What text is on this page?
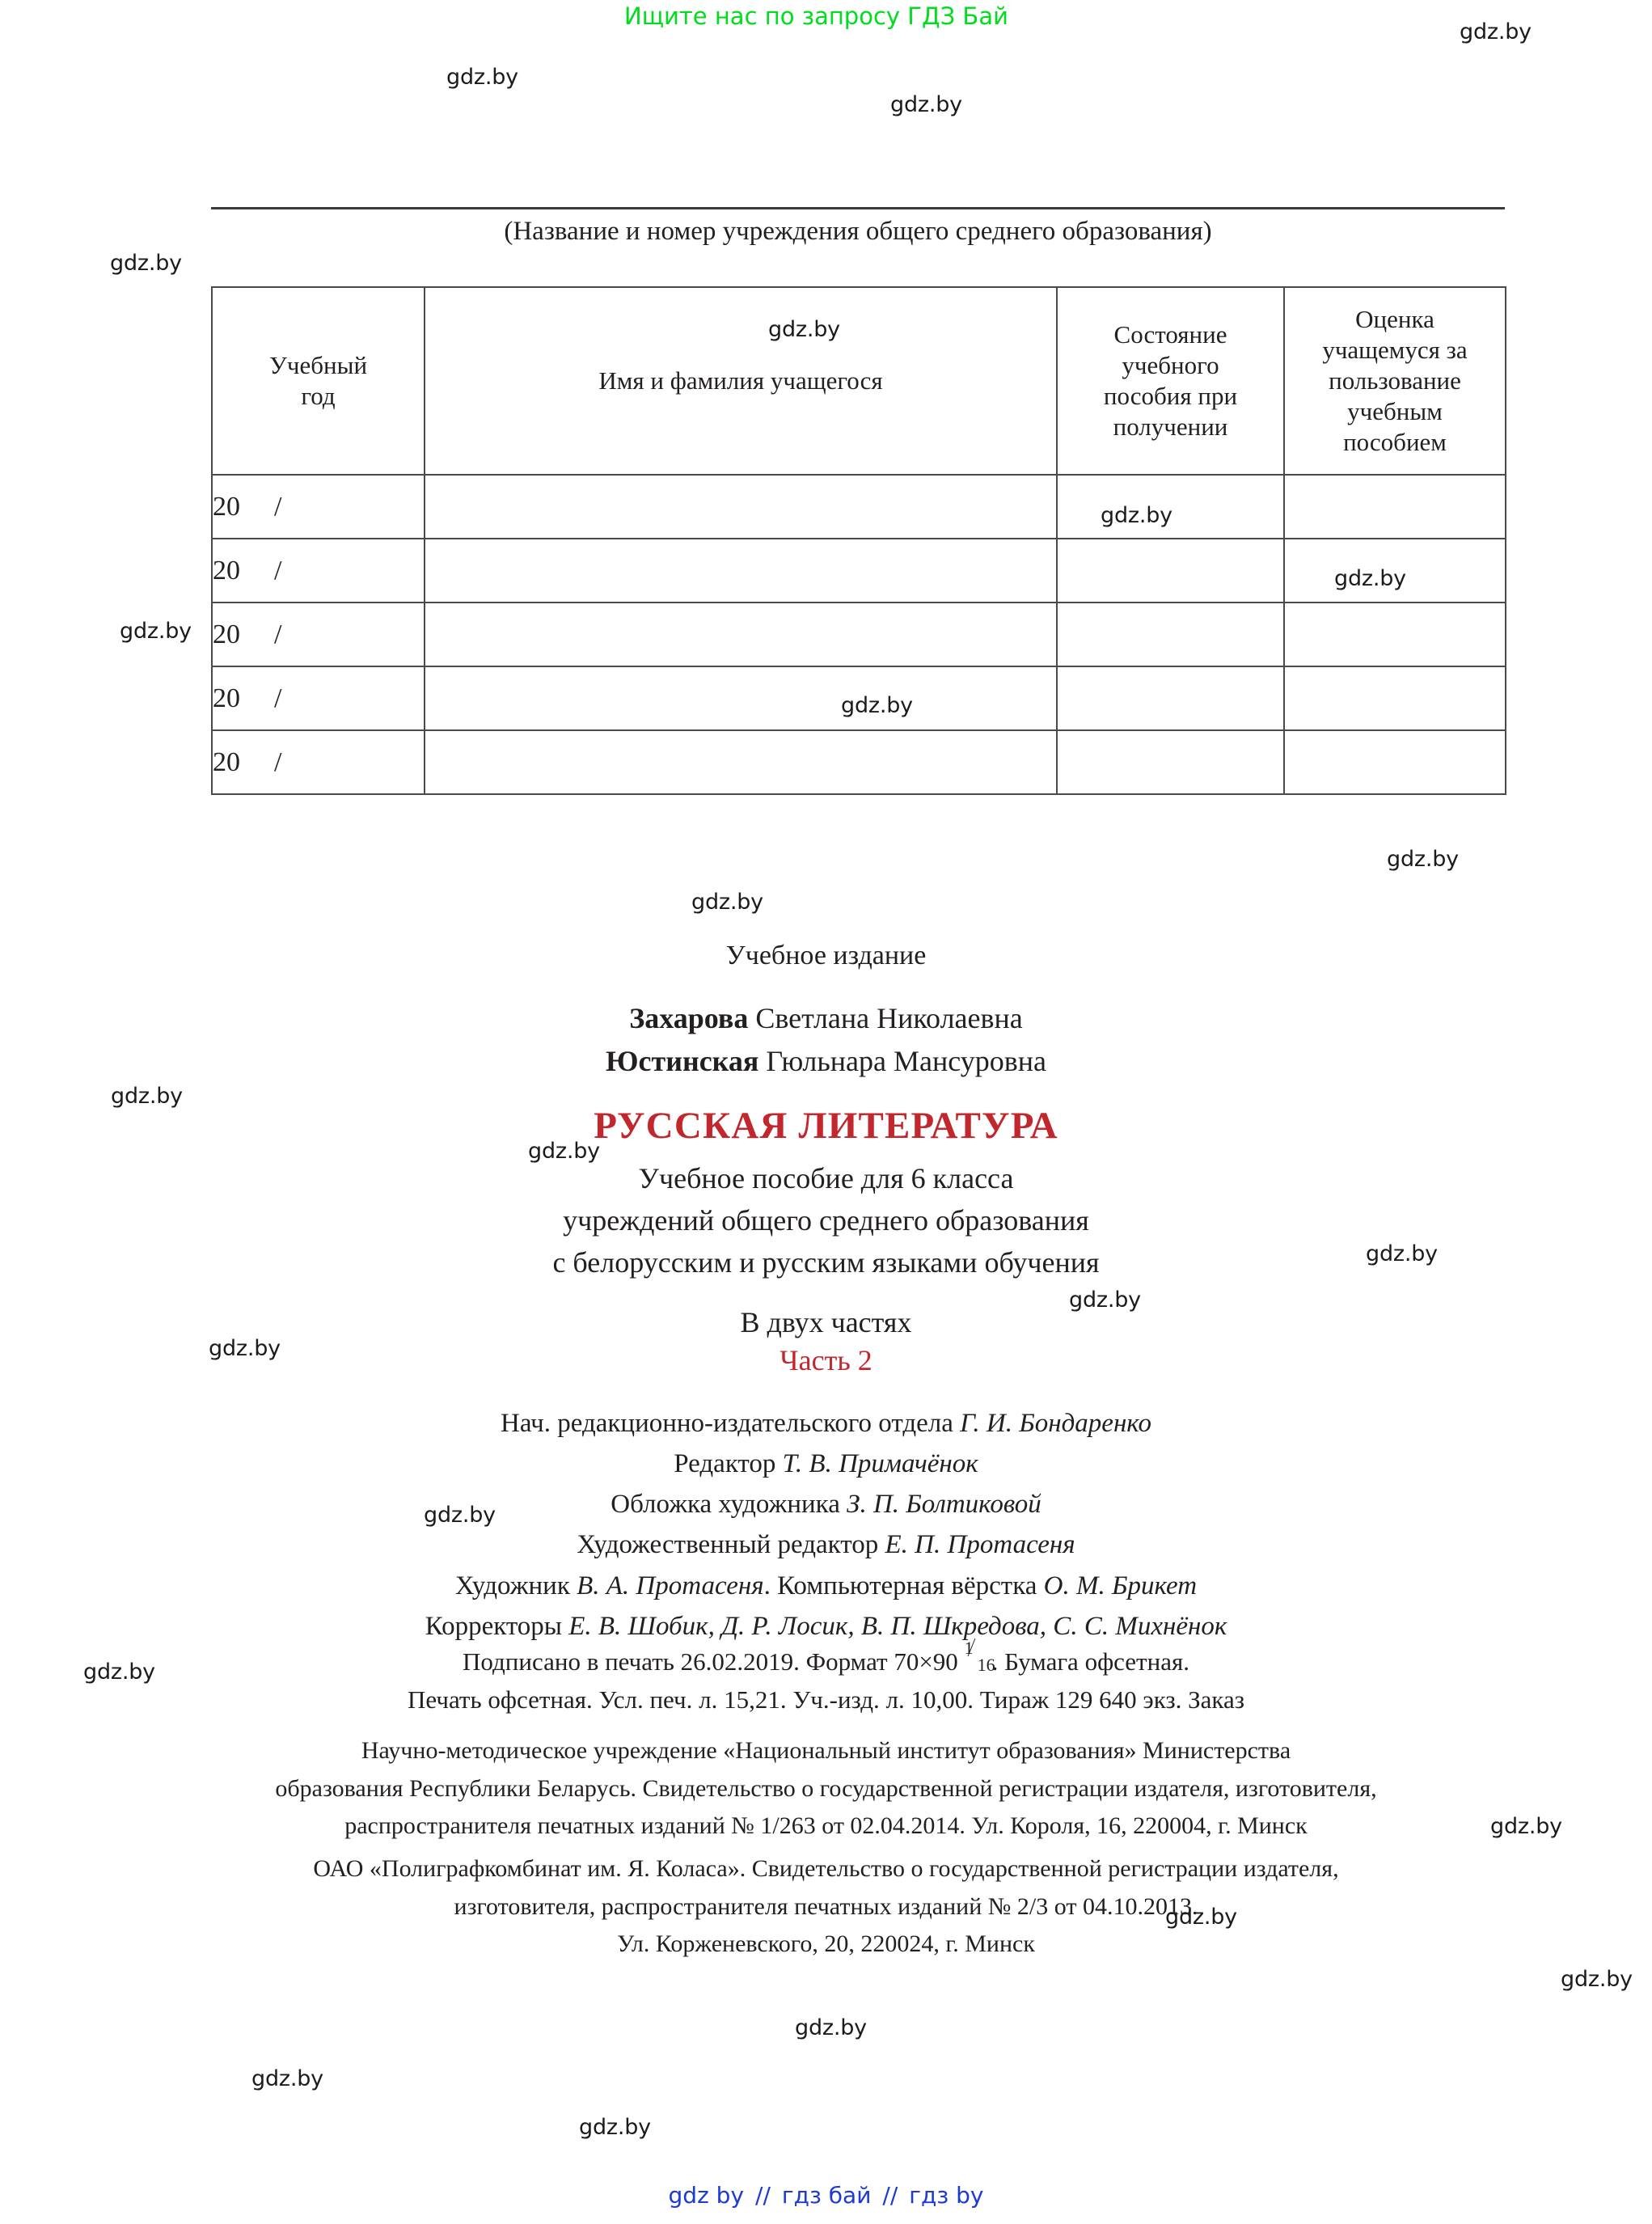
Ищите нас по запросу ГДЗ Бай
gdz.by
gdz.by
gdz.by
gdz.by
gdz.by
gdz.by
gdz.by
gdz.by
gdz.by
gdz.by
gdz.by
gdz.by
gdz.by
gdz.by
gdz.by
gdz.by
gdz.by
gdz.by
gdz.by
gdz.by
gdz.by
gdz.by
gdz.by
gdz.by
(Название и номер учреждения общего среднего образования)
Учебный
год	Имя и фамилия учащегося	Состояние
учебного
пособия при
получении	Оценка
учащемуся за
пользование
учебным
пособием
20 /			
20 /			
20 /			
20 /			
20 /			
Учебное издание
Захарова Светлана Николаевна
Юстинская Гюльнара Мансуровна
РУССКАЯ ЛИТЕРАТУРА
Учебное пособие для 6 класса
учреждений общего среднего образования
с белорусским и русским языками обучения
В двух частях
Часть 2
Нач. редакционно-издательского отдела Г. И. Бондаренко
Редактор Т. В. Примачёнок
Обложка художника З. П. Болтиковой
Художественный редактор Е. П. Протасеня
Художник В. А. Протасеня. Компьютерная вёрстка О. М. Брикет
Корректоры Е. В. Шобик, Д. Р. Лосик, В. П. Шкредова, С. С. Михнёнок
Подписано в печать 26.02.2019. Формат 70×90 1
16
. Бумага офсетная.
Печать офсетная. Усл. печ. л. 15,21. Уч.-изд. л. 10,00. Тираж 129 640 экз. Заказ
Научно-методическое учреждение «Национальный институт образования» Министерства
образования Республики Беларусь. Свидетельство о государственной регистрации издателя, изготовителя,
распространителя печатных изданий № 1/263 от 02.04.2014. Ул. Короля, 16, 220004, г. Минск
ОАО «Полиграфкомбинат им. Я. Коласа». Свидетельство о государственной регистрации издателя,
изготовителя, распространителя печатных изданий № 2/3 от 04.10.2013.
Ул. Корженевского, 20, 220024, г. Минск
gdz by // гдз бай // гдз by
